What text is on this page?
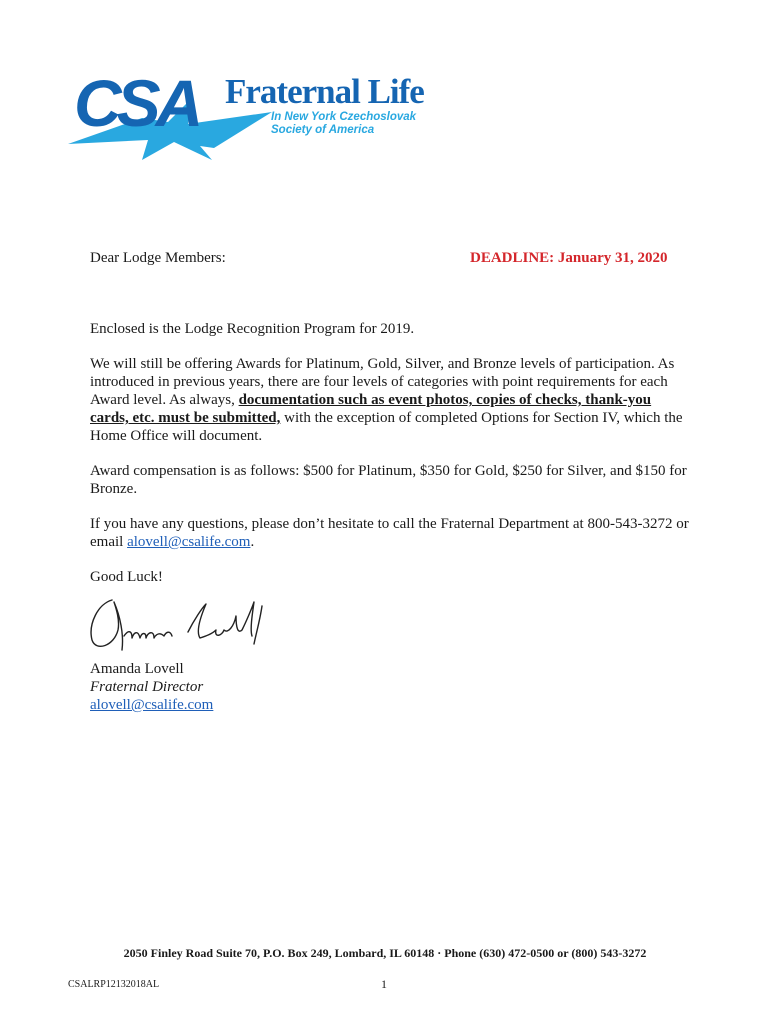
CSA Fraternal Life
In New York Czechoslovak
Society of America
Dear Lodge Members:	DEADLINE: January 31, 2020

Enclosed is the Lodge Recognition Program for 2019.

We will still be offering Awards for Platinum, Gold, Silver, and Bronze levels of participation. As introduced in previous years, there are four levels of categories with point requirements for each Award level. As always, documentation such as event photos, copies of checks, thank-you cards, etc. must be submitted, with the exception of completed Options for Section IV, which the Home Office will document.

Award compensation is as follows: $500 for Platinum, $350 for Gold, $250 for Silver, and $150 for Bronze.

If you have any questions, please don’t hesitate to call the Fraternal Department at 800-543-3272 or email alovell@csalife.com.

Good Luck!

Amanda Lovell
Fraternal Director
alovell@csalife.com
2050 Finley Road Suite 70, P.O. Box 249, Lombard, IL 60148 · Phone (630) 472-0500 or (800) 543-3272
CSALRP12132018AL	1
